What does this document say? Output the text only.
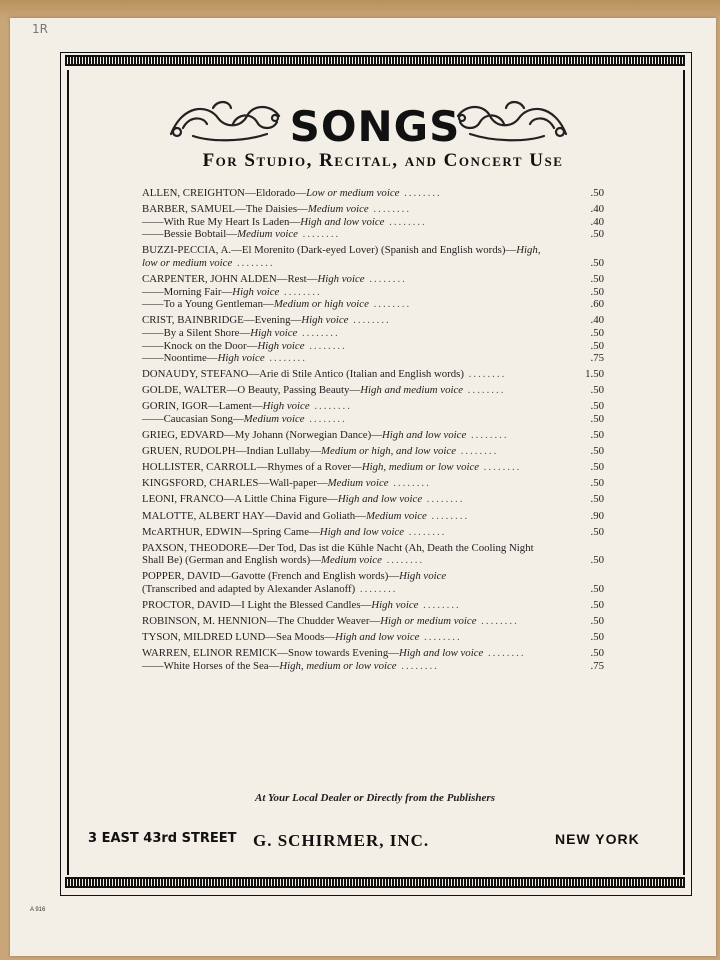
1R
SONGS
For Studio, Recital, and Concert Use
ALLEN, CREIGHTON—Eldorado—Low or medium voice ........	.50
BARBER, SAMUEL—The Daisies—Medium voice ........	.40
——With Rue My Heart Is Laden—High and low voice ........	.40
——Bessie Bobtail—Medium voice ........	.50
BUZZI-PECCIA, A.—El Morenito (Dark-eyed Lover) (Spanish and English words)—High, low or medium voice ........	.50
CARPENTER, JOHN ALDEN—Rest—High voice ........	.50
——Morning Fair—High voice ........	.50
——To a Young Gentleman—Medium or high voice ........	.60
CRIST, BAINBRIDGE—Evening—High voice ........	.40
——By a Silent Shore—High voice ........	.50
——Knock on the Door—High voice ........	.50
——Noontime—High voice ........	.75
DONAUDY, STEFANO—Arie di Stile Antico (Italian and English words) ........	1.50
GOLDE, WALTER—O Beauty, Passing Beauty—High and medium voice ........	.50
GORIN, IGOR—Lament—High voice ........	.50
——Caucasian Song—Medium voice ........	.50
GRIEG, EDVARD—My Johann (Norwegian Dance)—High and low voice ........	.50
GRUEN, RUDOLPH—Indian Lullaby—Medium or high, and low voice ........	.50
HOLLISTER, CARROLL—Rhymes of a Rover—High, medium or low voice ........	.50
KINGSFORD, CHARLES—Wall-paper—Medium voice ........	.50
LEONI, FRANCO—A Little China Figure—High and low voice ........	.50
MALOTTE, ALBERT HAY—David and Goliath—Medium voice ........	.90
McARTHUR, EDWIN—Spring Came—High and low voice ........	.50
PAXSON, THEODORE—Der Tod, Das ist die Kühle Nacht (Ah, Death the Cooling Night Shall Be) (German and English words)—Medium voice ........	.50
POPPER, DAVID—Gavotte (French and English words)—High voice
(Transcribed and adapted by Alexander Aslanoff) ........	.50
PROCTOR, DAVID—I Light the Blessed Candles—High voice ........	.50
ROBINSON, M. HENNION—The Chudder Weaver—High or medium voice ........	.50
TYSON, MILDRED LUND—Sea Moods—High and low voice ........	.50
WARREN, ELINOR REMICK—Snow towards Evening—High and low voice ........	.50
——White Horses of the Sea—High, medium or low voice ........	.75
At Your Local Dealer or Directly from the Publishers
3 EAST 43rd STREET G. SCHIRMER, INC.	NEW YORK
A 916
